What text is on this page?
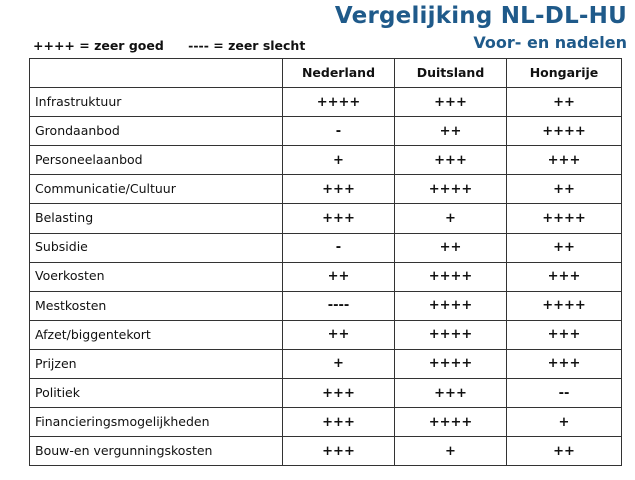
Vergelijking NL-DL-HU
Voor- en nadelen
++++ = zeer goed ---- = zeer slecht
	Nederland	Duitsland	Hongarije
Infrastruktuur	++++	+++	++
Grondaanbod	-	++	++++
Personeelaanbod	+	+++	+++
Communicatie/Cultuur	+++	++++	++
Belasting	+++	+	++++
Subsidie	-	++	++
Voerkosten	++	++++	+++
Mestkosten	----	++++	++++
Afzet/biggentekort	++	++++	+++
Prijzen	+	++++	+++
Politiek	+++	+++	--
Financieringsmogelijkheden	+++	++++	+
Bouw-en vergunningskosten	+++	+	++
